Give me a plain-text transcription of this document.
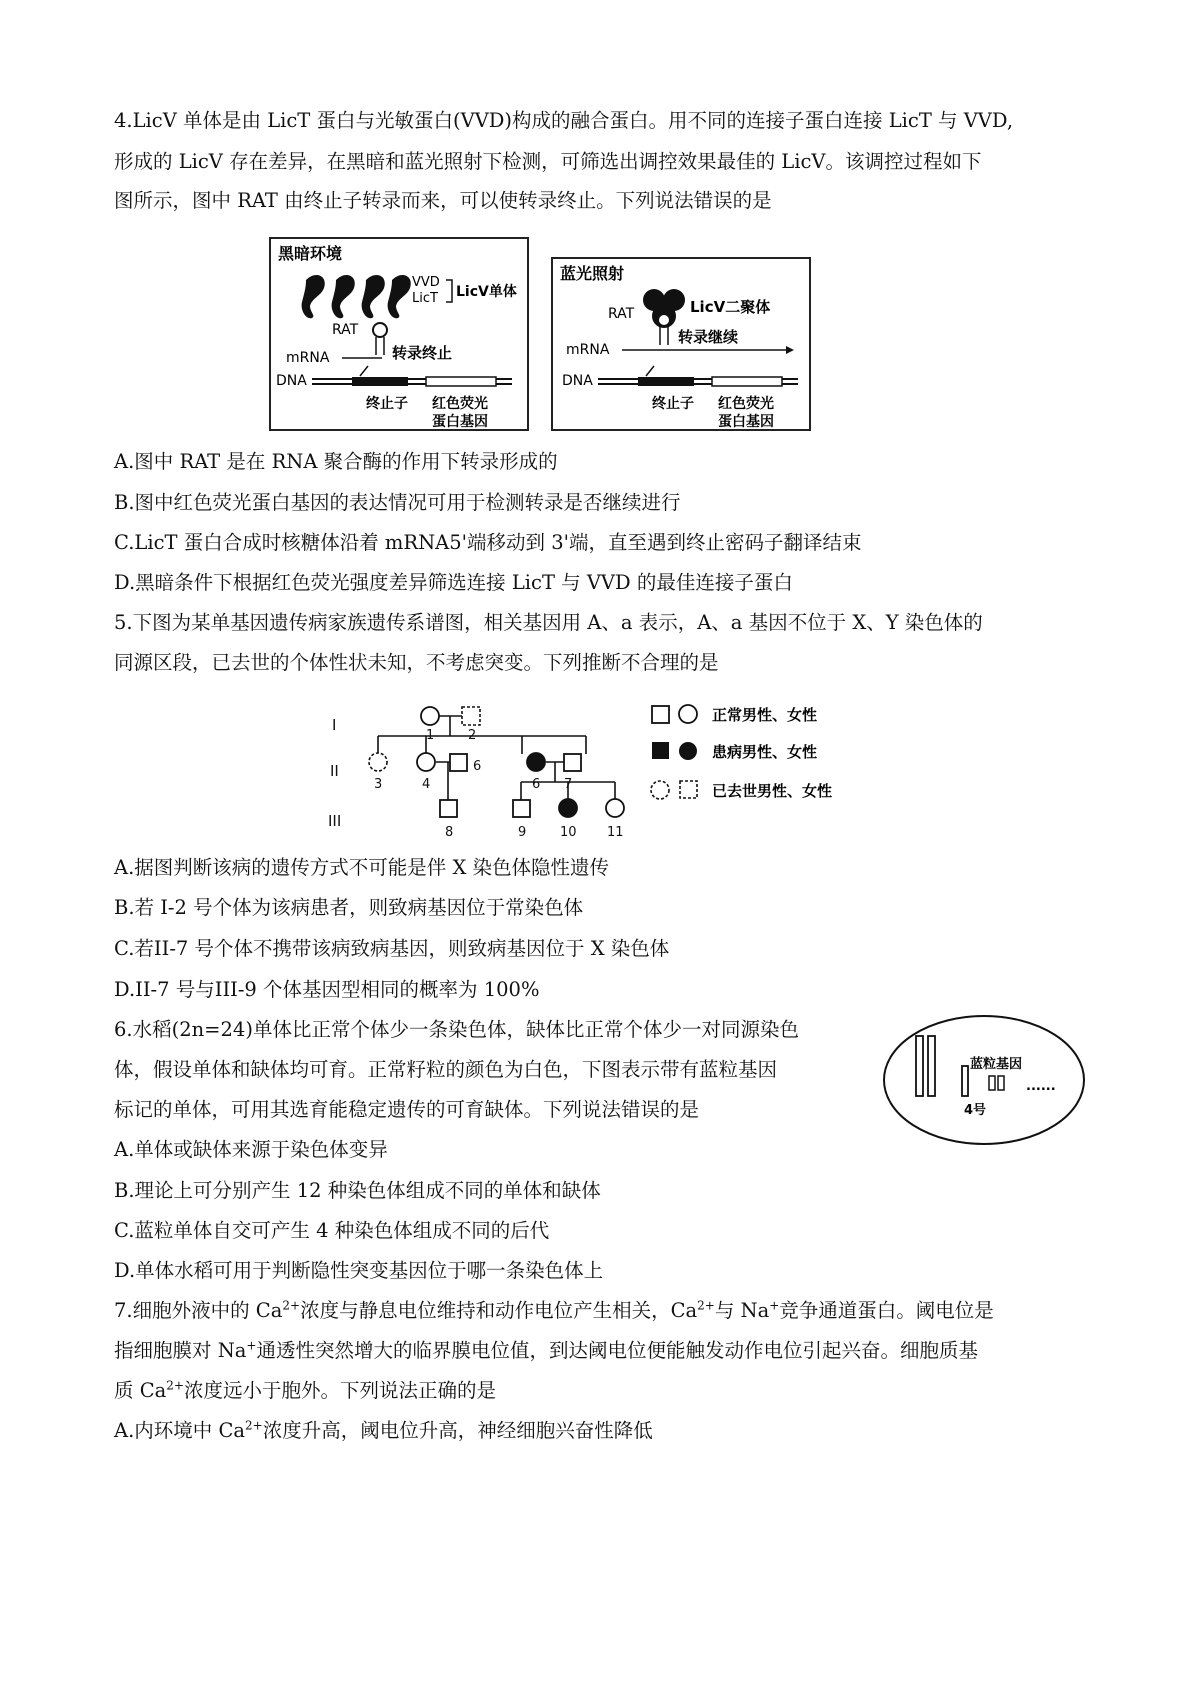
4.LicV 单体是由 LicT 蛋白与光敏蛋白(VVD)构成的融合蛋白。用不同的连接子蛋白连接 LicT 与 VVD,
形成的 LicV 存在差异，在黑暗和蓝光照射下检测，可筛选出调控效果最佳的 LicV。该调控过程如下
图所示，图中 RAT 由终止子转录而来，可以使转录终止。下列说法错误的是
黑暗环境
VVD
LicT LicV单体
RAT
mRNA	转录终止
DNA
终止子 红色荧光
蛋白基因
蓝光照射
RAT	LicV二聚体
mRNA
转录继续
DNA
终止子 红色荧光
蛋白基因
A.图中 RAT 是在 RNA 聚合酶的作用下转录形成的
B.图中红色荧光蛋白基因的表达情况可用于检测转录是否继续进行
C.LicT 蛋白合成时核糖体沿着 mRNA5'端移动到 3'端，直至遇到终止密码子翻译结束
D.黑暗条件下根据红色荧光强度差异筛选连接 LicT 与 VVD 的最佳连接子蛋白
5.下图为某单基因遗传病家族遗传系谱图，相关基因用 A、a 表示，A、a 基因不位于 X、Y 染色体的
同源区段，已去世的个体性状未知，不考虑突变。下列推断不合理的是
I
II
III
1	2
3	4
6
6 7
8	9	10 11
正常男性、女性
患病男性、女性
已去世男性、女性
A.据图判断该病的遗传方式不可能是伴 X 染色体隐性遗传
B.若 I-2 号个体为该病患者，则致病基因位于常染色体
C.若II-7 号个体不携带该病致病基因，则致病基因位于 X 染色体
D.II-7 号与III-9 个体基因型相同的概率为 100%
6.水稻(2n=24)单体比正常个体少一条染色体，缺体比正常个体少一对同源染色
体，假设单体和缺体均可育。正常籽粒的颜色为白色，下图表示带有蓝粒基因
标记的单体，可用其选育能稳定遗传的可育缺体。下列说法错误的是
蓝粒基因
4号
......
A.单体或缺体来源于染色体变异
B.理论上可分别产生 12 种染色体组成不同的单体和缺体
C.蓝粒单体自交可产生 4 种染色体组成不同的后代
D.单体水稻可用于判断隐性突变基因位于哪一条染色体上
7.细胞外液中的 $Ca^{2+}$浓度与静息电位维持和动作电位产生相关，$Ca^{2+}$与 Na+竞争通道蛋白。阈电位是
指细胞膜对 Na+通透性突然增大的临界膜电位值，到达阈电位便能触发动作电位引起兴奋。细胞质基
质 $Ca^{2+}$浓度远小于胞外。下列说法正确的是
A.内环境中 $Ca^{2+}$浓度升高，阈电位升高，神经细胞兴奋性降低
